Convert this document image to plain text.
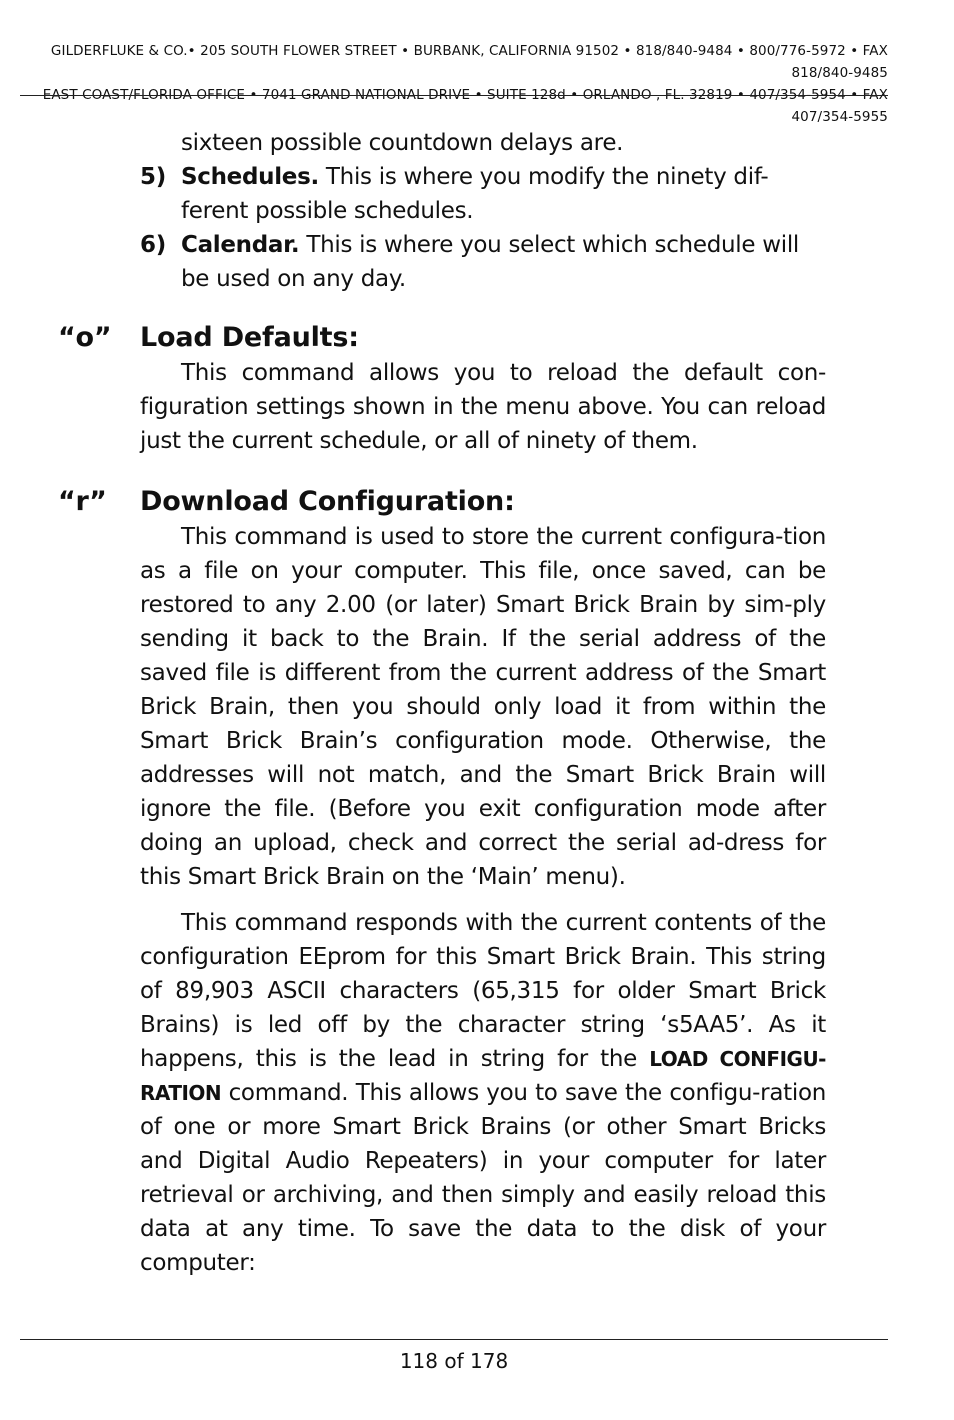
GILDERFLUKE & CO.• 205 SOUTH FLOWER STREET • BURBANK, CALIFORNIA 91502 • 818/840-9484 • 800/776-5972 • FAX 818/840-9485
EAST COAST/FLORIDA OFFICE • 7041 GRAND NATIONAL DRIVE • SUITE 128d • ORLANDO , FL. 32819 • 407/354-5954 • FAX 407/354-5955

sixteen possible countdown delays are.

5) Schedules. This is where you modify the ninety dif-ferent possible schedules.
6) Calendar. This is where you select which schedule will be used on any day.
“o” Load Defaults:

This command allows you to reload the default con-figuration settings shown in the menu above. You can reload just the current schedule, or all of ninety of them.

“r” Download Configuration:

This command is used to store the current configura-tion as a file on your computer. This file, once saved, can be restored to any 2.00 (or later) Smart Brick Brain by sim-ply sending it back to the Brain. If the serial address of the saved file is different from the current address of the Smart Brick Brain, then you should only load it from within the Smart Brick Brain’s configuration mode. Otherwise, the addresses will not match, and the Smart Brick Brain will ignore the file. (Before you exit configuration mode after doing an upload, check and correct the serial ad-dress for this Smart Brick Brain on the ‘Main’ menu).

This command responds with the current contents of the configuration EEprom for this Smart Brick Brain. This string of 89,903 ASCII characters (65,315 for older Smart Brick Brains) is led off by the character string ‘s5AA5’. As it happens, this is the lead in string for the LOAD CONFIGU-RATION command. This allows you to save the configu-ration of one or more Smart Brick Brains (or other Smart Bricks and Digital Audio Repeaters) in your computer for later retrieval or archiving, and then simply and easily reload this data at any time. To save the data to the disk of your computer:

118 of 178
